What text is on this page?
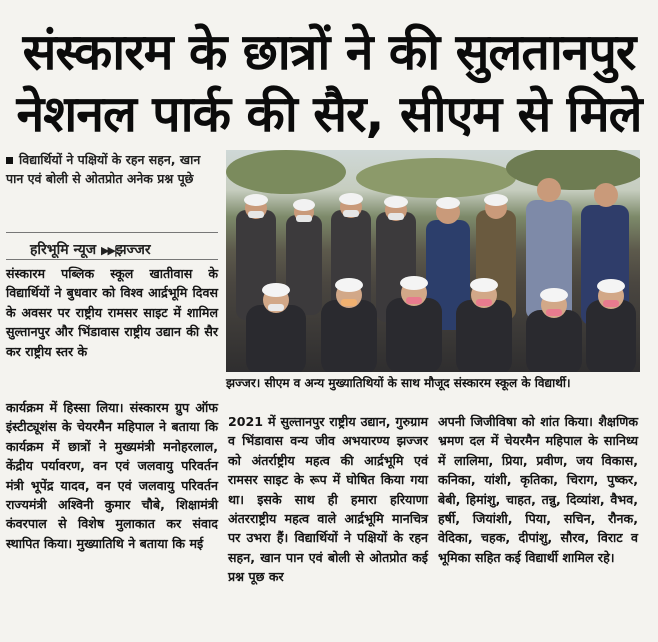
संस्कारम के छात्रों ने की सुलतानपुर
नेशनल पार्क की सैर, सीएम से मिले
विद्यार्थियों ने पक्षियों के रहन सहन, खान पान एवं बोली से ओतप्रोत अनेक प्रश्न पूछे
हरिभूमि न्यूज ▶▶|झज्जर
झज्जर। सीएम व अन्य मुख्यातिथियों के साथ मौजूद संस्कारम स्कूल के विद्यार्थी।

संस्कारम पब्लिक स्कूल खातीवास के विद्यार्थियों ने बुधवार को विश्व आर्द्रभूमि दिवस के अवसर पर राष्ट्रीय रामसर साइट में शामिल सुल्तानपुर और भिंडावास राष्ट्रीय उद्यान की सैर कर राष्ट्रीय स्तर के

कार्यक्रम में हिस्सा लिया। संस्कारम ग्रुप ऑफ इंस्टीट्यूशंस के चेयरमैन महिपाल ने बताया कि कार्यक्रम में छात्रों ने मुख्यमंत्री मनोहरलाल, केंद्रीय पर्यावरण, वन एवं जलवायु परिवर्तन मंत्री भूपेंद्र यादव, वन एवं जलवायु परिवर्तन राज्यमंत्री अश्विनी कुमार चौबे, शिक्षामंत्री कंवरपाल से विशेष मुलाकात कर संवाद स्थापित किया। मुख्यातिथि ने बताया कि मई

2021 में सुल्तानपुर राष्ट्रीय उद्यान, गुरुग्राम व भिंडावास वन्य जीव अभयारण्य झज्जर को अंतर्राष्ट्रीय महत्व की आर्द्रभूमि एवं रामसर साइट के रूप में घोषित किया गया था। इसके साथ ही हमारा हरियाणा अंतरराष्ट्रीय महत्व वाले आर्द्रभूमि मानचित्र पर उभरा हैं। विद्यार्थियों ने पक्षियों के रहन सहन, खान पान एवं बोली से ओतप्रोत कई प्रश्न पूछ कर

अपनी जिजीविषा को शांत किया। शैक्षणिक भ्रमण दल में चेयरमैन महिपाल के सानिध्य में लालिमा, प्रिया, प्रवीण, जय विकास, कनिका, यांशी, कृतिका, चिराग, पुष्कर, बेबी, हिमांशु, चाहत, तन्नु, दिव्यांश, वैभव, हर्षी, जियांशी, पिया, सचिन, रौनक, वेदिका, चहक, दीपांशु, सौरव, विराट व भूमिका सहित कई विद्यार्थी शामिल रहे।
